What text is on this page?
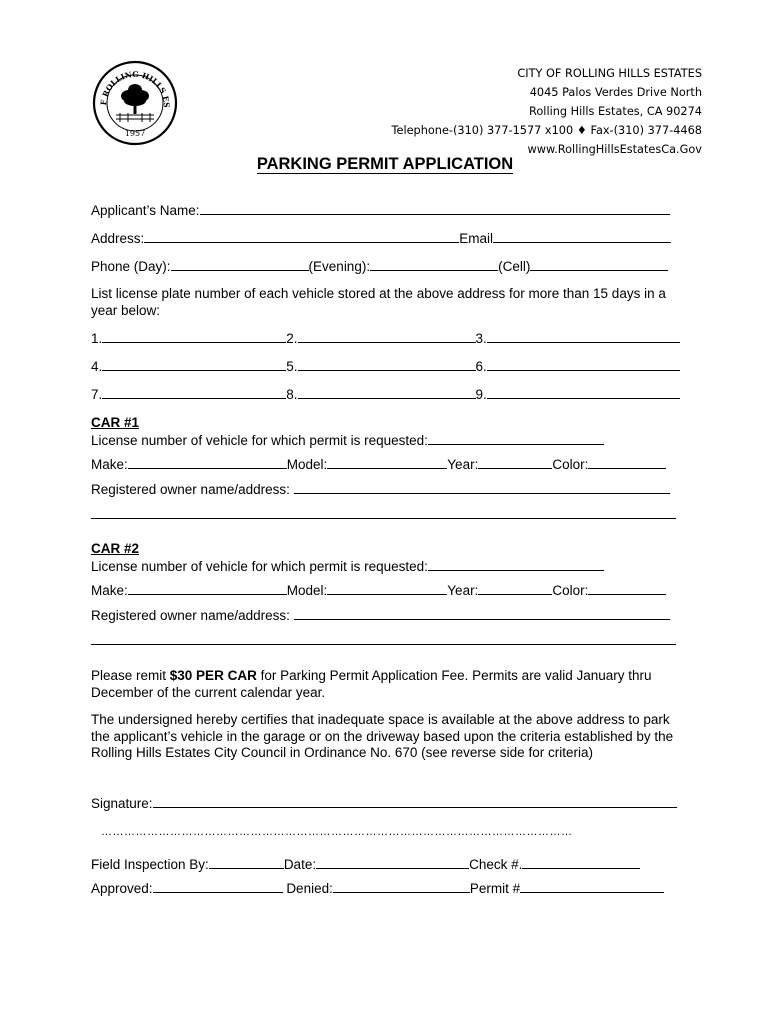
F ROLLING HILLS ES
1957
CITY OF ROLLING HILLS ESTATES
4045 Palos Verdes Drive North
Rolling Hills Estates, CA 90274
Telephone-(310) 377-1577 x100 ♦ Fax-(310) 377-4468
www.RollingHillsEstatesCa.Gov
PARKING PERMIT APPLICATION
Applicant’s Name:
Address:	Email
Phone (Day):	(Evening):	(Cell)
List license plate number of each vehicle stored at the above address for more than 15 days in a year below:
1.	2.	3.
4.	5.	6.
7.	8.	9.
CAR #1
License number of vehicle for which permit is requested:
Make:	Model:	Year:	Color:
Registered owner name/address:
CAR #2
License number of vehicle for which permit is requested:
Make:	Model:	Year:	Color:
Registered owner name/address:
Please remit $30 PER CAR for Parking Permit Application Fee. Permits are valid January thru December of the current calendar year.
The undersigned hereby certifies that inadequate space is available at the above address to park the applicant’s vehicle in the garage or on the driveway based upon the criteria established by the Rolling Hills Estates City Council in Ordinance No. 670 (see reverse side for criteria)
Signature:
……………………………………………………………………………………………………………
Field Inspection By:	Date:	Check #.
Approved:	Denied:	Permit #
